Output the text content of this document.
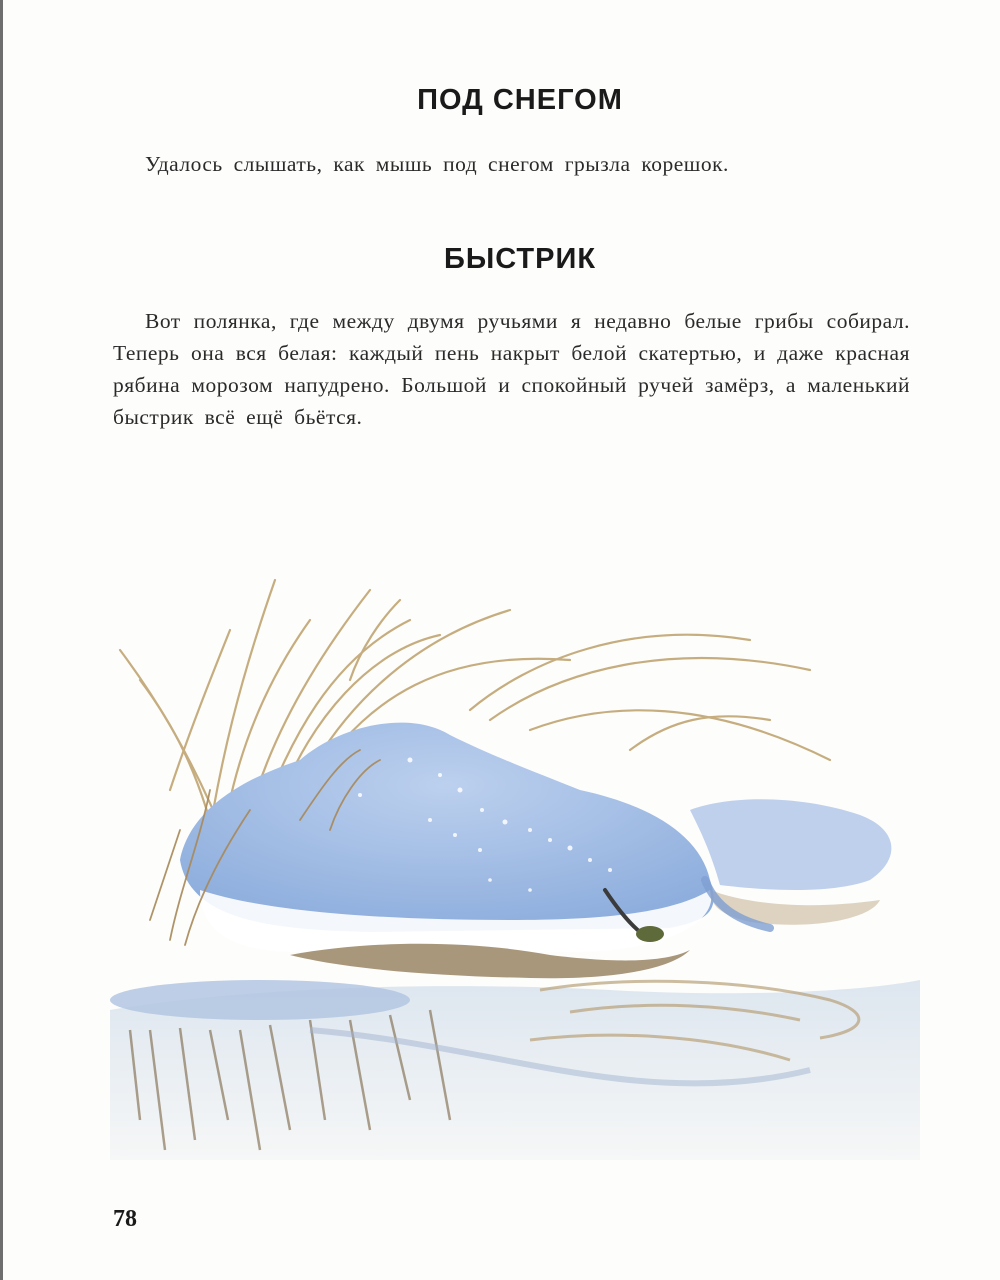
ПОД СНЕГОМ
Удалось слышать, как мышь под снегом грызла корешок.
БЫСТРИК
Вот полянка, где между двумя ручьями я недавно белые грибы собирал. Теперь она вся белая: каждый пень накрыт белой скатертью, и даже красная рябина морозом напудрено. Большой и спокойный ручей замёрз, а маленький быстрик всё ещё бьётся.
78
